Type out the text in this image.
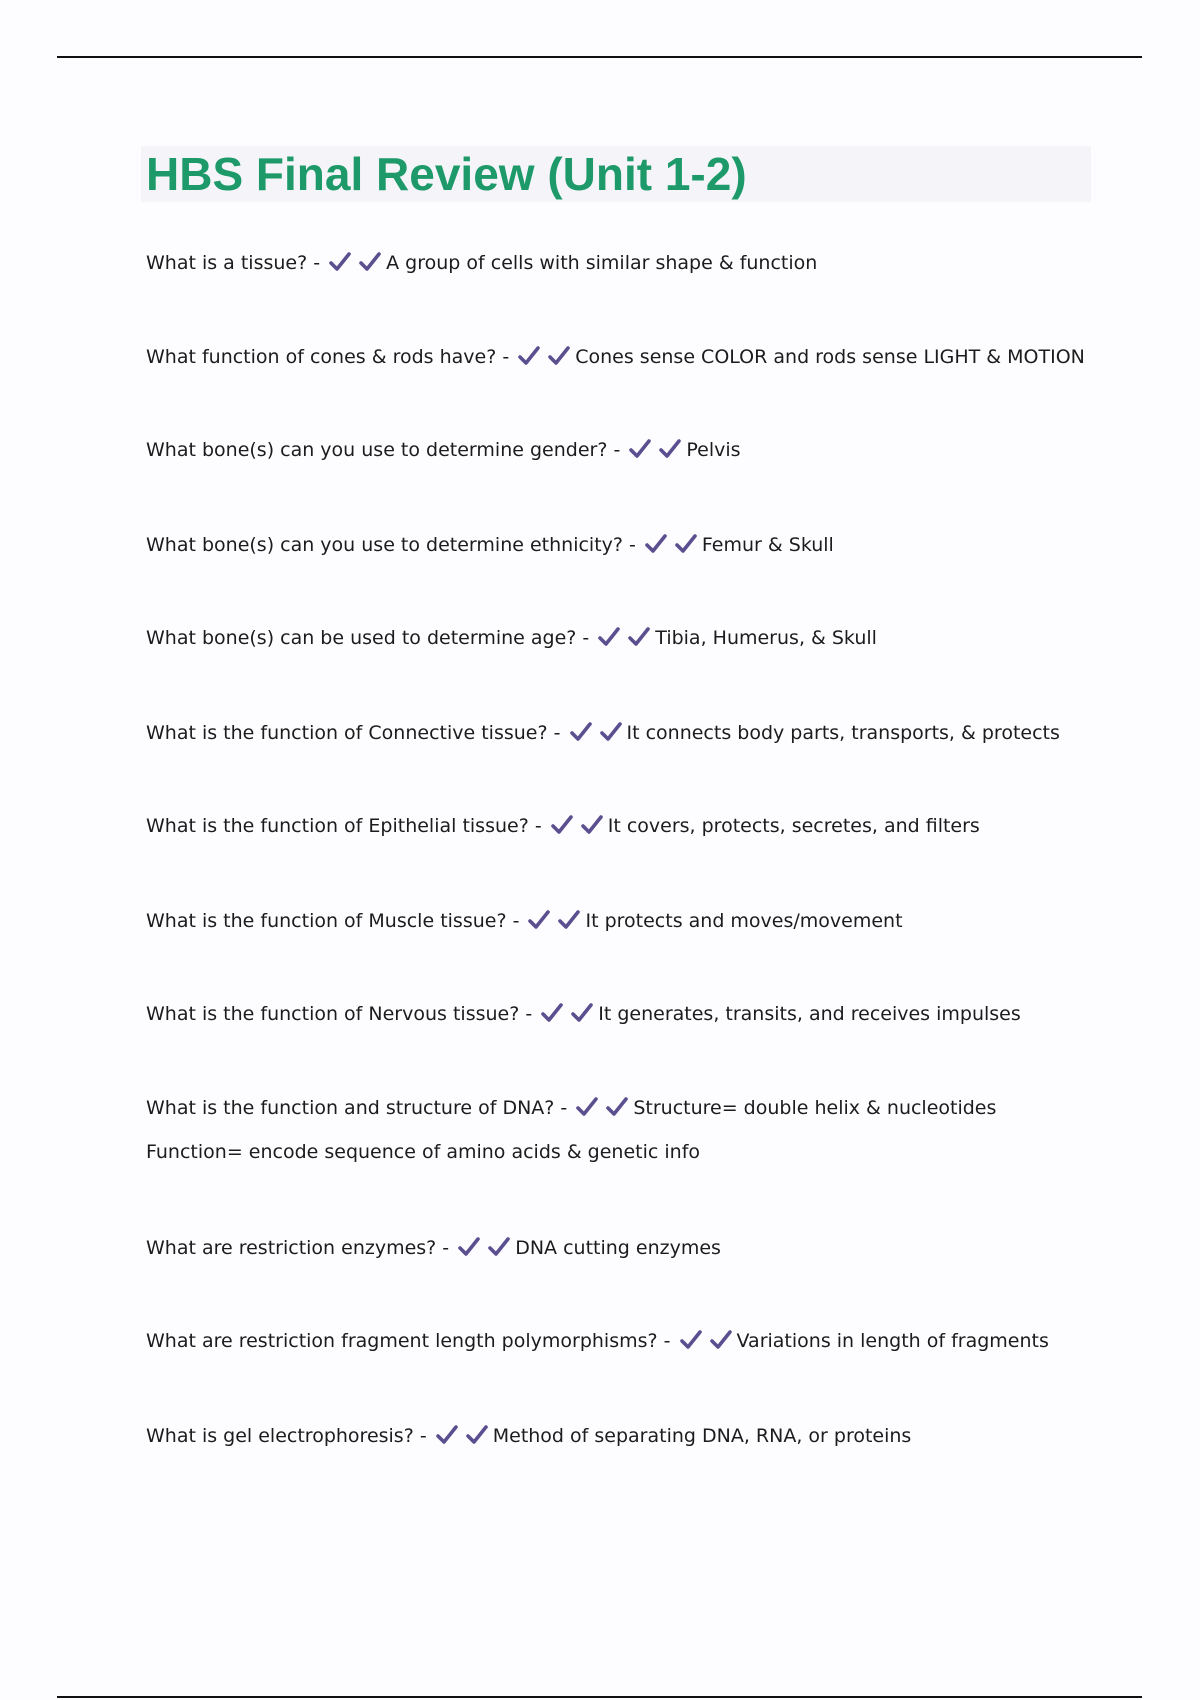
HBS Final Review (Unit 1-2)
What is a tissue? -	A group of cells with similar shape & function
What function of cones & rods have? -	Cones sense COLOR and rods sense LIGHT & MOTION
What bone(s) can you use to determine gender? -	Pelvis
What bone(s) can you use to determine ethnicity? -	Femur & Skull
What bone(s) can be used to determine age? -	Tibia, Humerus, & Skull
What is the function of Connective tissue? -	It connects body parts, transports, & protects
What is the function of Epithelial tissue? -	It covers, protects, secretes, and filters
What is the function of Muscle tissue? -	It protects and moves/movement
What is the function of Nervous tissue? -	It generates, transits, and receives impulses
What is the function and structure of DNA? -	Structure= double helix & nucleotides
Function= encode sequence of amino acids & genetic info
What are restriction enzymes? -	DNA cutting enzymes
What are restriction fragment length polymorphisms? -	Variations in length of fragments
What is gel electrophoresis? -	Method of separating DNA, RNA, or proteins
